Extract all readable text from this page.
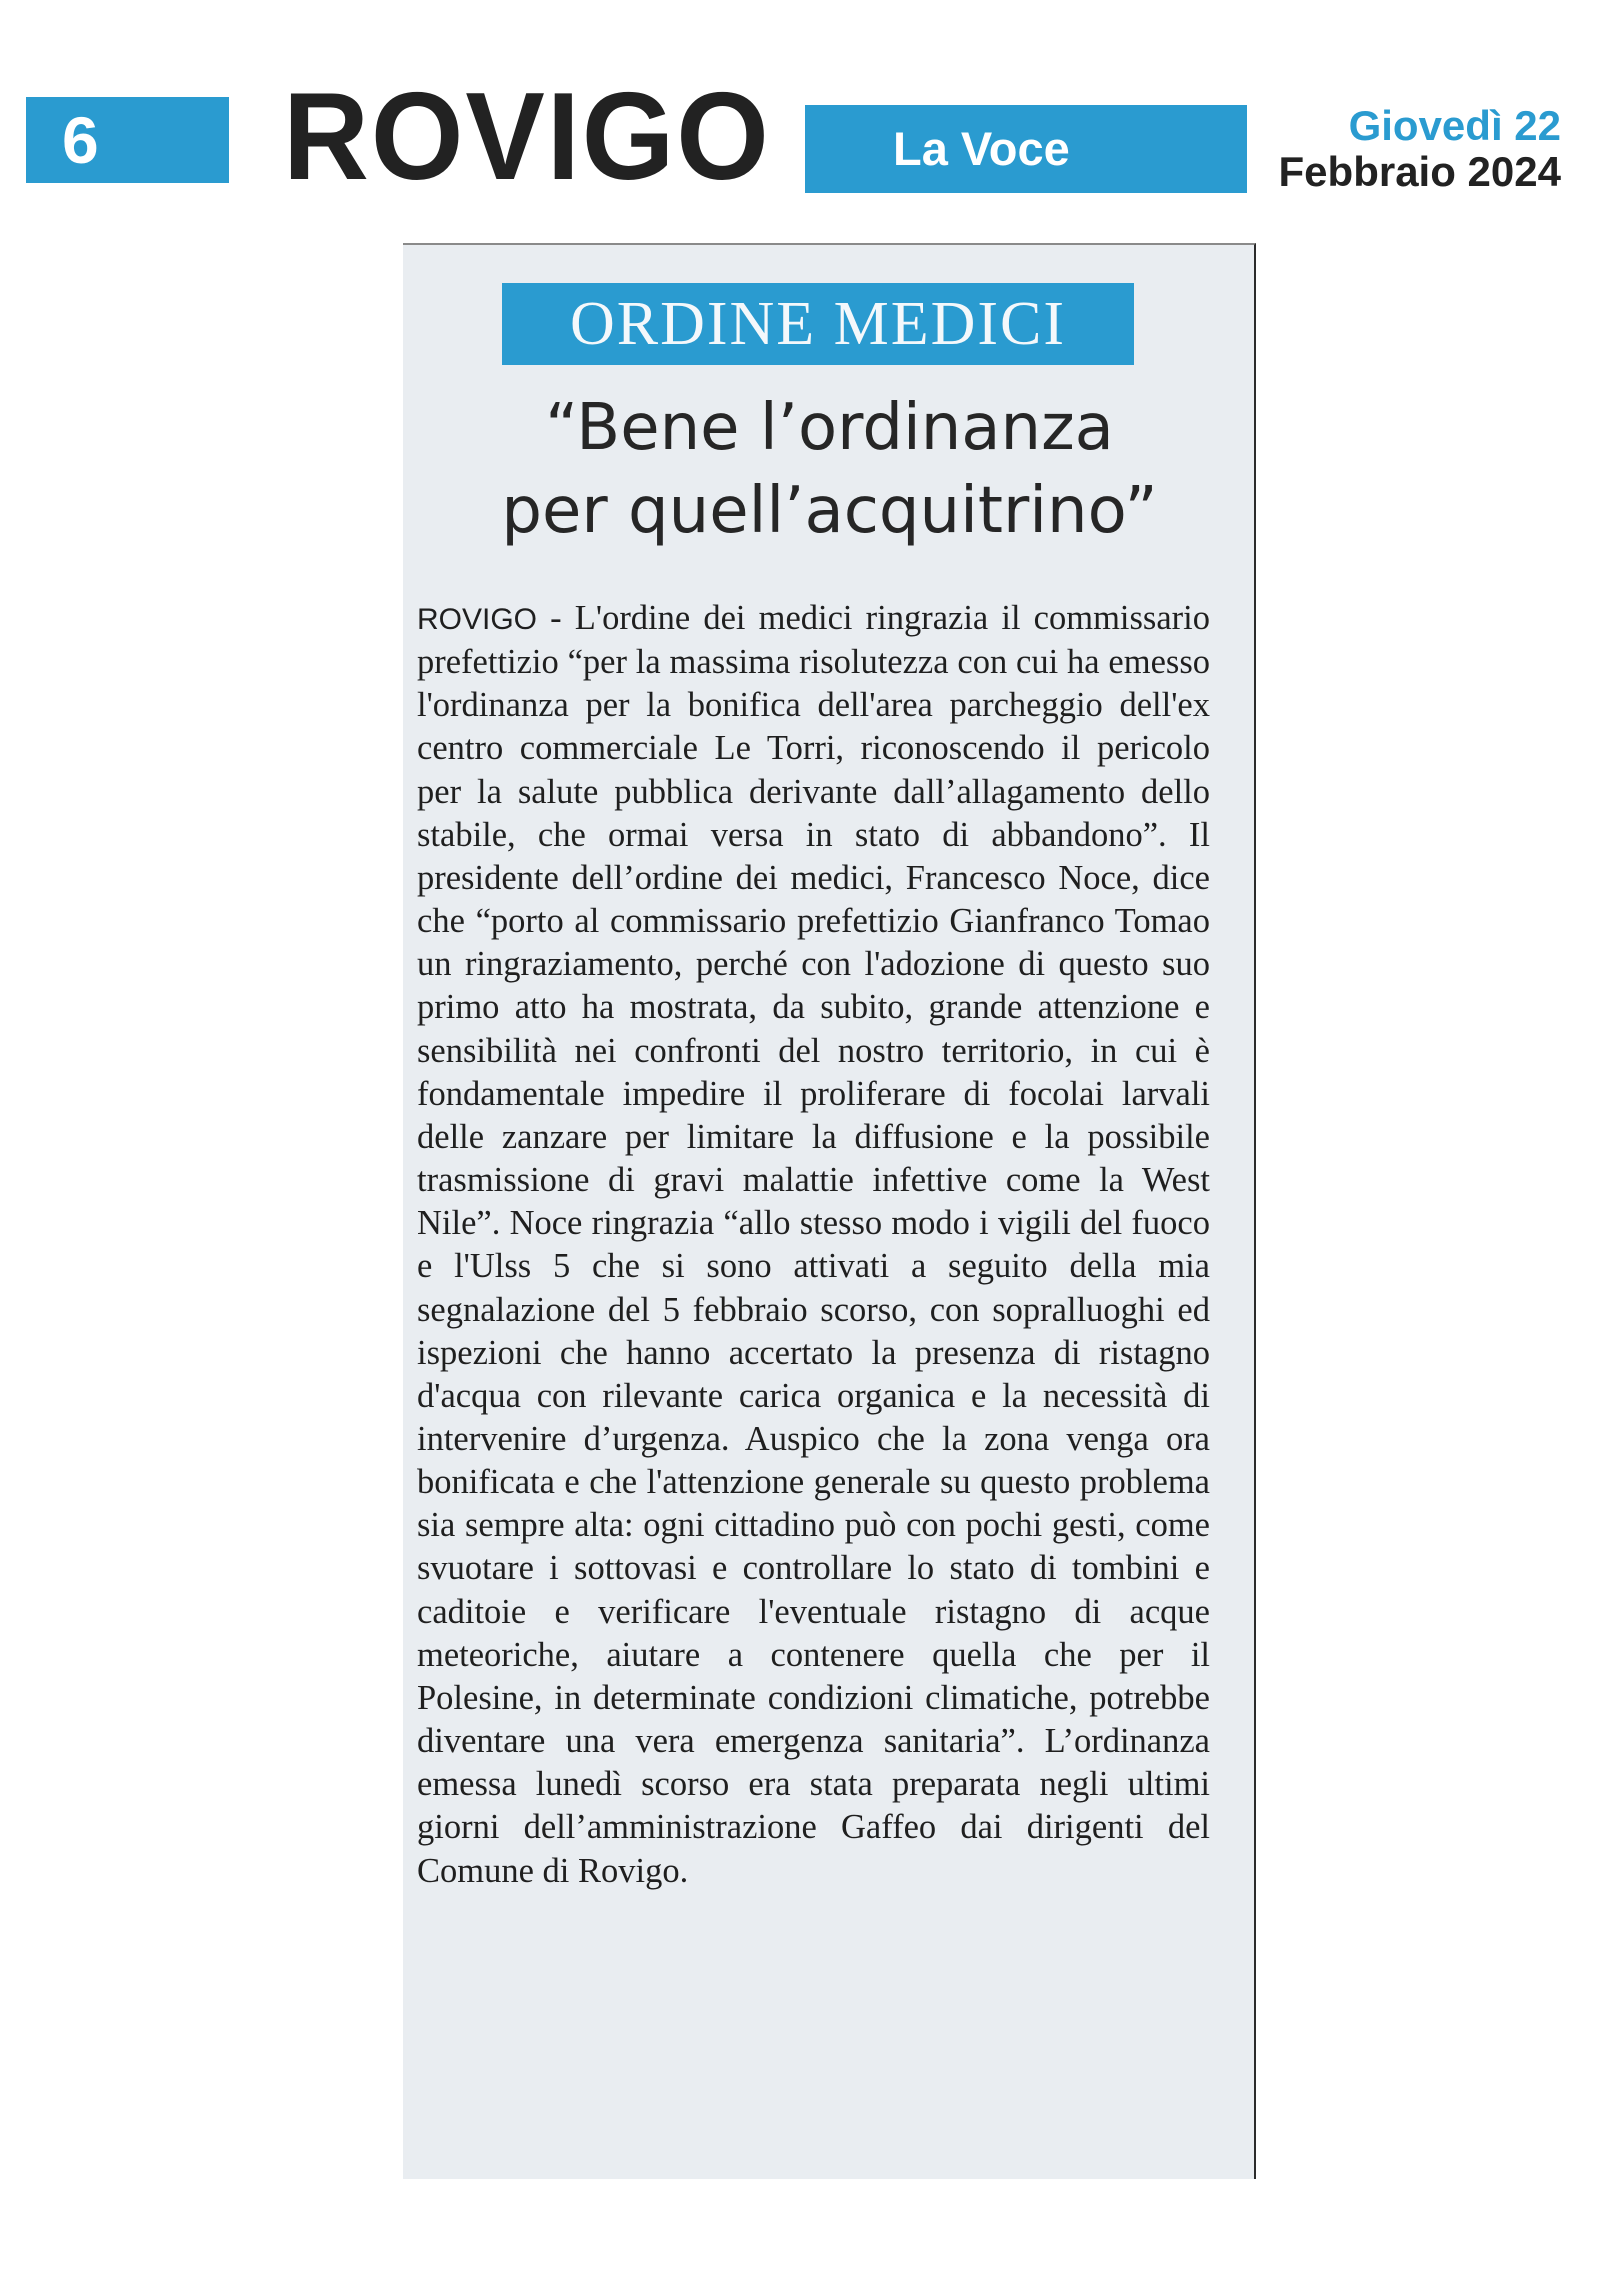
6	ROVIGO	La Voce	Giovedì 22
Febbraio 2024
ORDINE MEDICI
“Bene l’ordinanza
per quell’acquitrino”
ROVIGO - L'ordine dei medici ringrazia il commissario prefettizio “per la massima risolutezza con cui ha emesso l'ordinanza per la bonifica dell'area parcheggio dell'ex centro commerciale Le Torri, riconoscendo il pericolo per la salute pubblica derivante dall’allagamento dello stabile, che ormai versa in stato di abbandono”. Il presidente dell’ordine dei medici, Francesco Noce, dice che “porto al commissario prefettizio Gianfranco Tomao un ringraziamento, perché con l'adozione di questo suo primo atto ha mostrata, da subito, grande attenzione e sensibilità nei confronti del nostro territorio, in cui è fondamentale impedire il proliferare di focolai larvali delle zanzare per limitare la diffusione e la possibile trasmissione di gravi malattie infettive come la West Nile”. Noce ringrazia “allo stesso modo i vigili del fuoco e l'Ulss 5 che si sono attivati a seguito della mia segnalazione del 5 febbraio scorso, con sopralluoghi ed ispezioni che hanno accertato la presenza di ristagno d'acqua con rilevante carica organica e la necessità di intervenire d’urgenza. Auspico che la zona venga ora bonificata e che l'attenzione generale su questo problema sia sempre alta: ogni cittadino può con pochi gesti, come svuotare i sottovasi e controllare lo stato di tombini e caditoie e verificare l'eventuale ristagno di acque meteoriche, aiutare a contenere quella che per il Polesine, in determinate condizioni climatiche, potrebbe diventare una vera emergenza sanitaria”. L’ordinanza emessa lunedì scorso era stata preparata negli ultimi giorni dell’amministrazione Gaffeo dai dirigenti del Comune di Rovigo.
